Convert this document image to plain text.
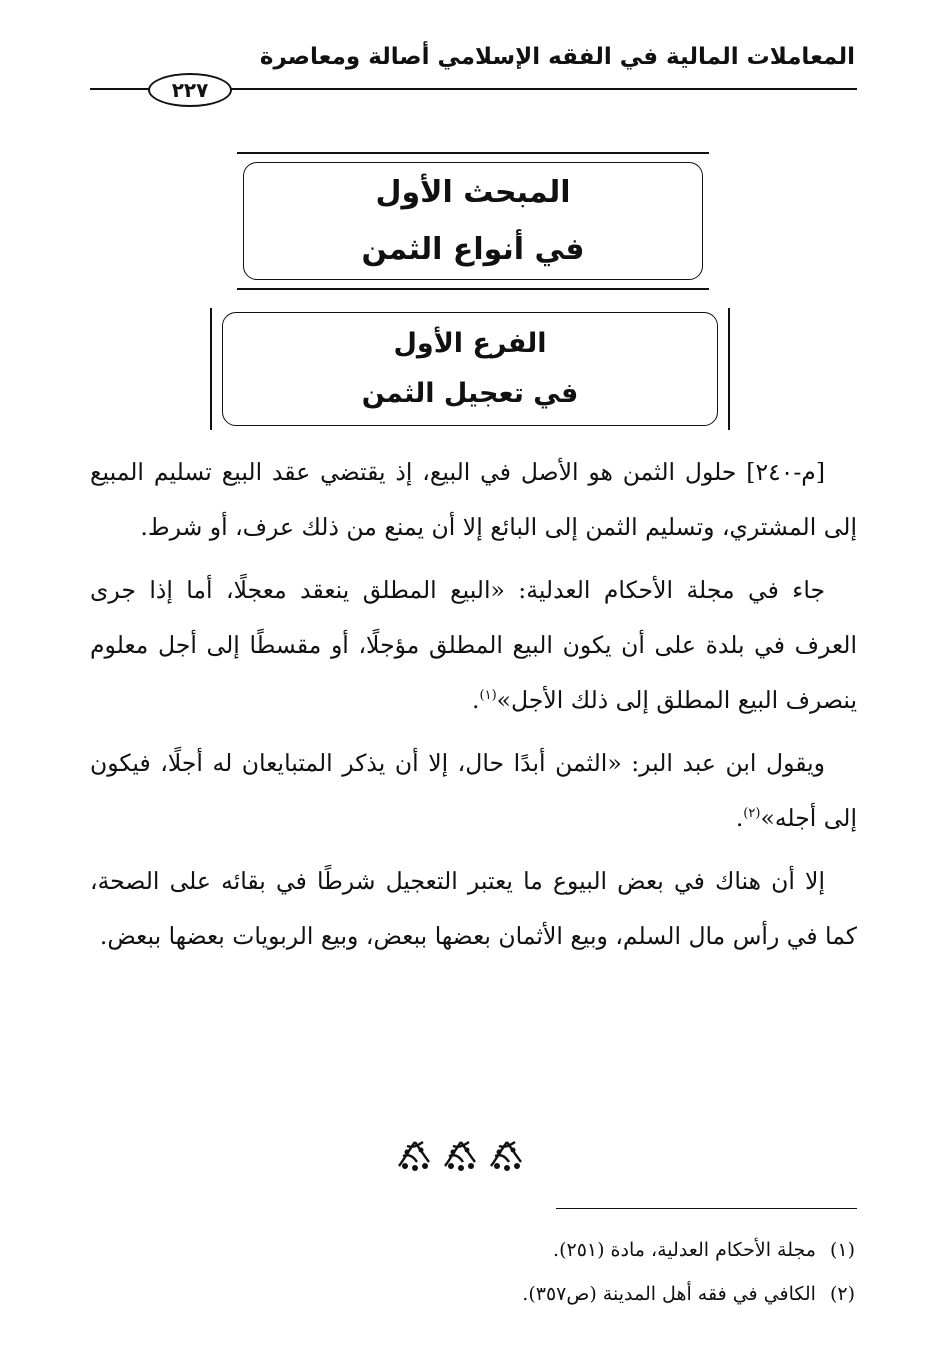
المعاملات المالية في الفقه الإسلامي أصالة ومعاصرة
٢٢٧
المبحث الأول
في أنواع الثمن
الفرع الأول
في تعجيل الثمن

[م-٢٤٠] حلول الثمن هو الأصل في البيع، إذ يقتضي عقد البيع تسليم المبيع إلى المشتري، وتسليم الثمن إلى البائع إلا أن يمنع من ذلك عرف، أو شرط.

جاء في مجلة الأحكام العدلية: «البيع المطلق ينعقد معجلًا، أما إذا جرى العرف في بلدة على أن يكون البيع المطلق مؤجلًا، أو مقسطًا إلى أجل معلوم ينصرف البيع المطلق إلى ذلك الأجل»$^{(١)}$.

ويقول ابن عبد البر: «الثمن أبدًا حال، إلا أن يذكر المتبايعان له أجلًا، فيكون إلى أجله»$^{(٢)}$.

إلا أن هناك في بعض البيوع ما يعتبر التعجيل شرطًا في بقائه على الصحة، كما في رأس مال السلم، وبيع الأثمان بعضها ببعض، وبيع الربويات بعضها ببعض.

(١)مجلة الأحكام العدلية، مادة (٢٥١).
(٢)الكافي في فقه أهل المدينة (ص٣٥٧).
